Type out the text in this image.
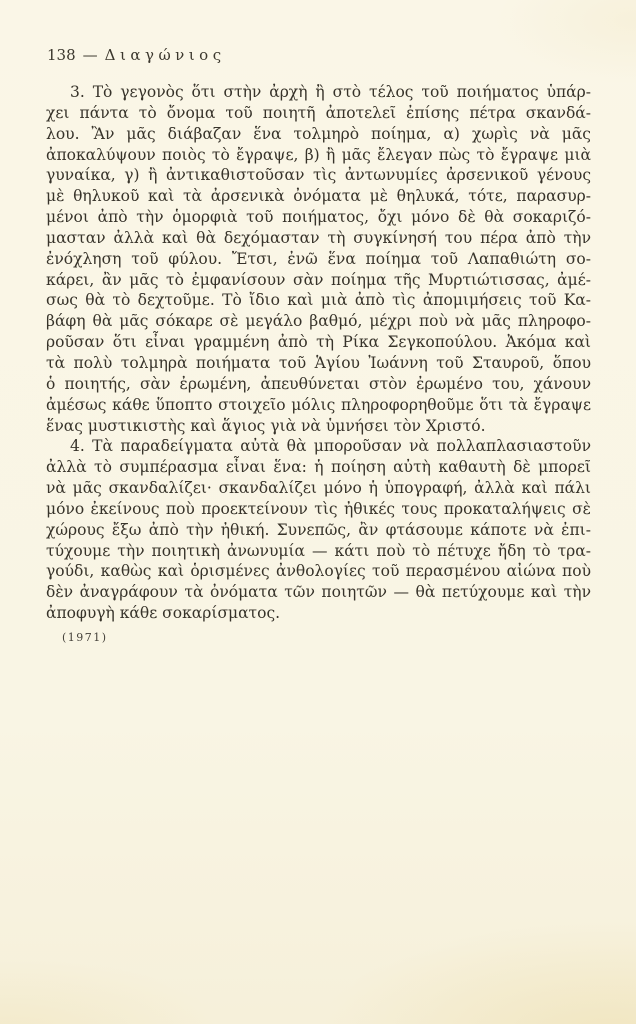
138 — Διαγώνιος

3. Τὸ γεγονὸς ὅτι στὴν ἀρχὴ ἢ στὸ τέλος τοῦ ποιήματος ὑπάρ-
χει πάντα τὸ ὄνομα τοῦ ποιητῆ ἀποτελεῖ ἐπίσης πέτρα σκανδά-
λου. Ἂν μᾶς διάβαζαν ἕνα τολμηρὸ ποίημα, α) χωρὶς νὰ μᾶς
ἀποκαλύψουν ποιὸς τὸ ἔγραψε, β) ἢ μᾶς ἔλεγαν πὼς τὸ ἔγραψε μιὰ
γυναίκα, γ) ἢ ἀντικαθιστοῦσαν τὶς ἀντωνυμίες ἀρσενικοῦ γένους
μὲ θηλυκοῦ καὶ τὰ ἀρσενικὰ ὀνόματα μὲ θηλυκά, τότε, παρασυρ-
μένοι ἀπὸ τὴν ὁμορφιὰ τοῦ ποιήματος, ὄχι μόνο δὲ θὰ σοκαριζό-
μασταν ἀλλὰ καὶ θὰ δεχόμασταν τὴ συγκίνησή του πέρα ἀπὸ τὴν
ἐνόχληση τοῦ φύλου. Ἔτσι, ἐνῶ ἕνα ποίημα τοῦ Λαπαθιώτη σο-
κάρει, ἂν μᾶς τὸ ἐμφανίσουν σὰν ποίημα τῆς Μυρτιώτισσας, ἀμέ-
σως θὰ τὸ δεχτοῦμε. Τὸ ἴδιο καὶ μιὰ ἀπὸ τὶς ἀπομιμήσεις τοῦ Κα-
βάφη θὰ μᾶς σόκαρε σὲ μεγάλο βαθμό, μέχρι ποὺ νὰ μᾶς πληροφο-
ροῦσαν ὅτι εἶναι γραμμένη ἀπὸ τὴ Ρίκα Σεγκοπούλου. Ἀκόμα καὶ
τὰ πολὺ τολμηρὰ ποιήματα τοῦ Ἁγίου Ἰωάννη τοῦ Σταυροῦ, ὅπου
ὁ ποιητής, σὰν ἐρωμένη, ἀπευθύνεται στὸν ἐρωμένο του, χάνουν
ἀμέσως κάθε ὕποπτο στοιχεῖο μόλις πληροφορηθοῦμε ὅτι τὰ ἔγραψε
ἕνας μυστικιστὴς καὶ ἅγιος γιὰ νὰ ὑμνήσει τὸν Χριστό.

4. Τὰ παραδείγματα αὐτὰ θὰ μποροῦσαν νὰ πολλαπλασιαστοῦν
ἀλλὰ τὸ συμπέρασμα εἶναι ἕνα: ἡ ποίηση αὐτὴ καθαυτὴ δὲ μπορεῖ
νὰ μᾶς σκανδαλίζει· σκανδαλίζει μόνο ἡ ὑπογραφή, ἀλλὰ καὶ πάλι
μόνο ἐκείνους ποὺ προεκτείνουν τὶς ἠθικές τους προκαταλήψεις σὲ
χώρους ἔξω ἀπὸ τὴν ἠθική. Συνεπῶς, ἂν φτάσουμε κάποτε νὰ ἐπι-
τύχουμε τὴν ποιητικὴ ἀνωνυμία — κάτι ποὺ τὸ πέτυχε ἤδη τὸ τρα-
γούδι, καθὼς καὶ ὁρισμένες ἀνθολογίες τοῦ περασμένου αἰώνα ποὺ
δὲν ἀναγράφουν τὰ ὀνόματα τῶν ποιητῶν — θὰ πετύχουμε καὶ τὴν
ἀποφυγὴ κάθε σοκαρίσματος.

(1971)
